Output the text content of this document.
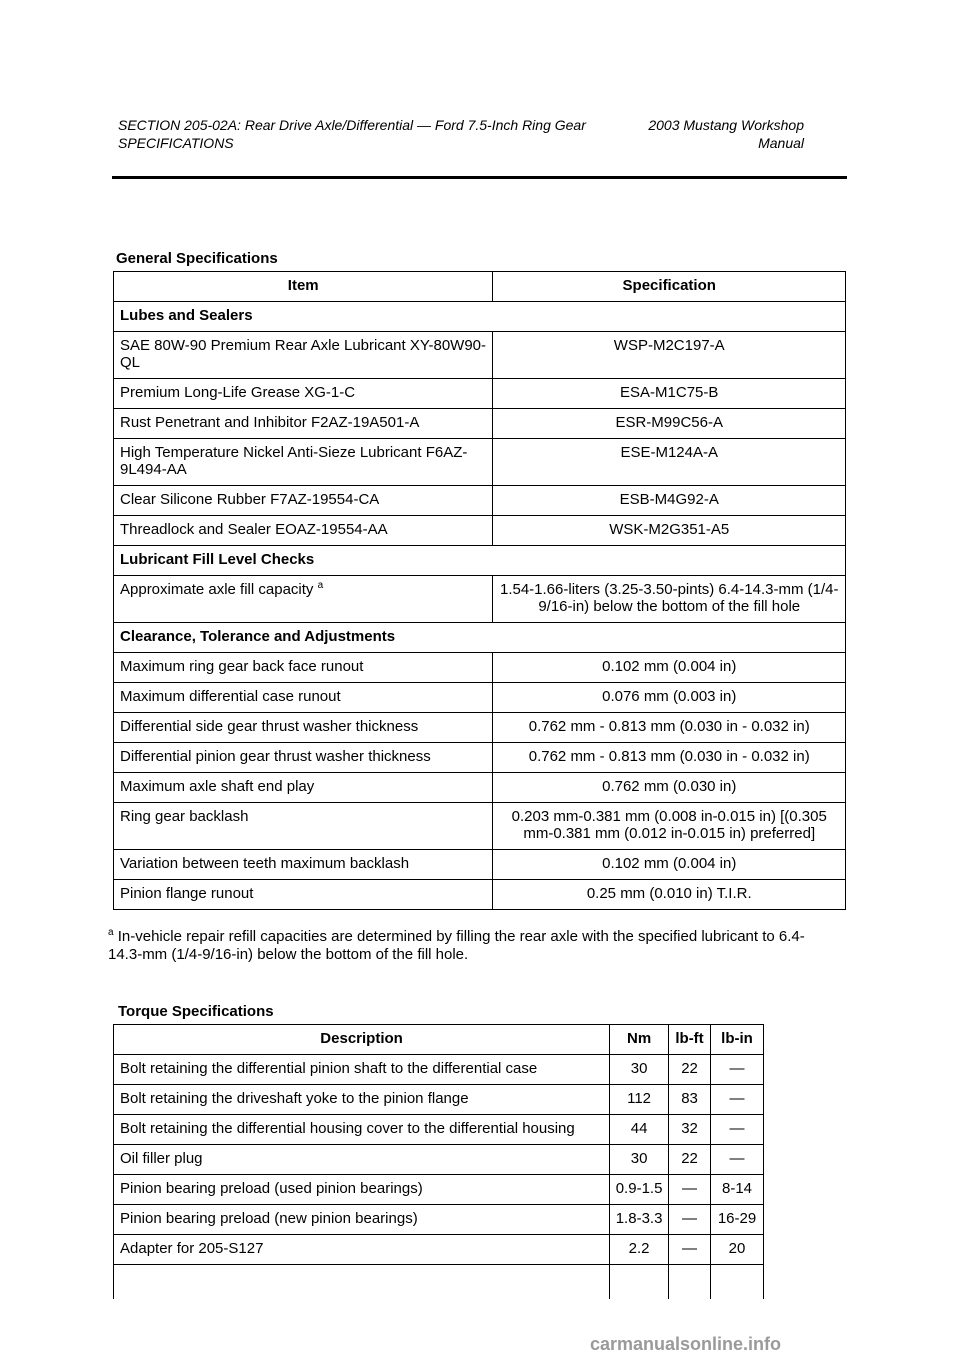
SECTION 205-02A: Rear Drive Axle/Differential — Ford 7.5-Inch Ring Gear
SPECIFICATIONS
2003 Mustang Workshop Manual
General Specifications
Item	Specification
Lubes and Sealers	
SAE 80W-90 Premium Rear Axle Lubricant XY-80W90-QL	WSP-M2C197-A
Premium Long-Life Grease XG-1-C	ESA-M1C75-B
Rust Penetrant and Inhibitor F2AZ-19A501-A	ESR-M99C56-A
High Temperature Nickel Anti-Sieze Lubricant F6AZ-9L494-AA	ESE-M124A-A
Clear Silicone Rubber F7AZ-19554-CA	ESB-M4G92-A
Threadlock and Sealer EOAZ-19554-AA	WSK-M2G351-A5
Lubricant Fill Level Checks	
Approximate axle fill capacity $^a$	1.54-1.66-liters (3.25-3.50-pints) 6.4-14.3-mm (1/4-9/16-in) below the bottom of the fill hole
Clearance, Tolerance and Adjustments	
Maximum ring gear back face runout	0.102 mm (0.004 in)
Maximum differential case runout	0.076 mm (0.003 in)
Differential side gear thrust washer thickness	0.762 mm - 0.813 mm (0.030 in - 0.032 in)
Differential pinion gear thrust washer thickness	0.762 mm - 0.813 mm (0.030 in - 0.032 in)
Maximum axle shaft end play	0.762 mm (0.030 in)
Ring gear backlash	0.203 mm-0.381 mm (0.008 in-0.015 in) [(0.305 mm-0.381 mm (0.012 in-0.015 in) preferred]
Variation between teeth maximum backlash	0.102 mm (0.004 in)
Pinion flange runout	0.25 mm (0.010 in) T.I.R.
$^a$ In-vehicle repair refill capacities are determined by filling the rear axle with the specified lubricant to 6.4-14.3-mm (1/4-9/16-in) below the bottom of the fill hole.
Torque Specifications
Description	Nm	lb-ft	lb-in
Bolt retaining the differential pinion shaft to the differential case	30	22	—
Bolt retaining the driveshaft yoke to the pinion flange	112	83	—
Bolt retaining the differential housing cover to the differential housing	44	32	—
Oil filler plug	30	22	—
Pinion bearing preload (used pinion bearings)	0.9-1.5	—	8-14
Pinion bearing preload (new pinion bearings)	1.8-3.3	—	16-29
Adapter for 205-S127	2.2	—	20

carmanualsonline.info
